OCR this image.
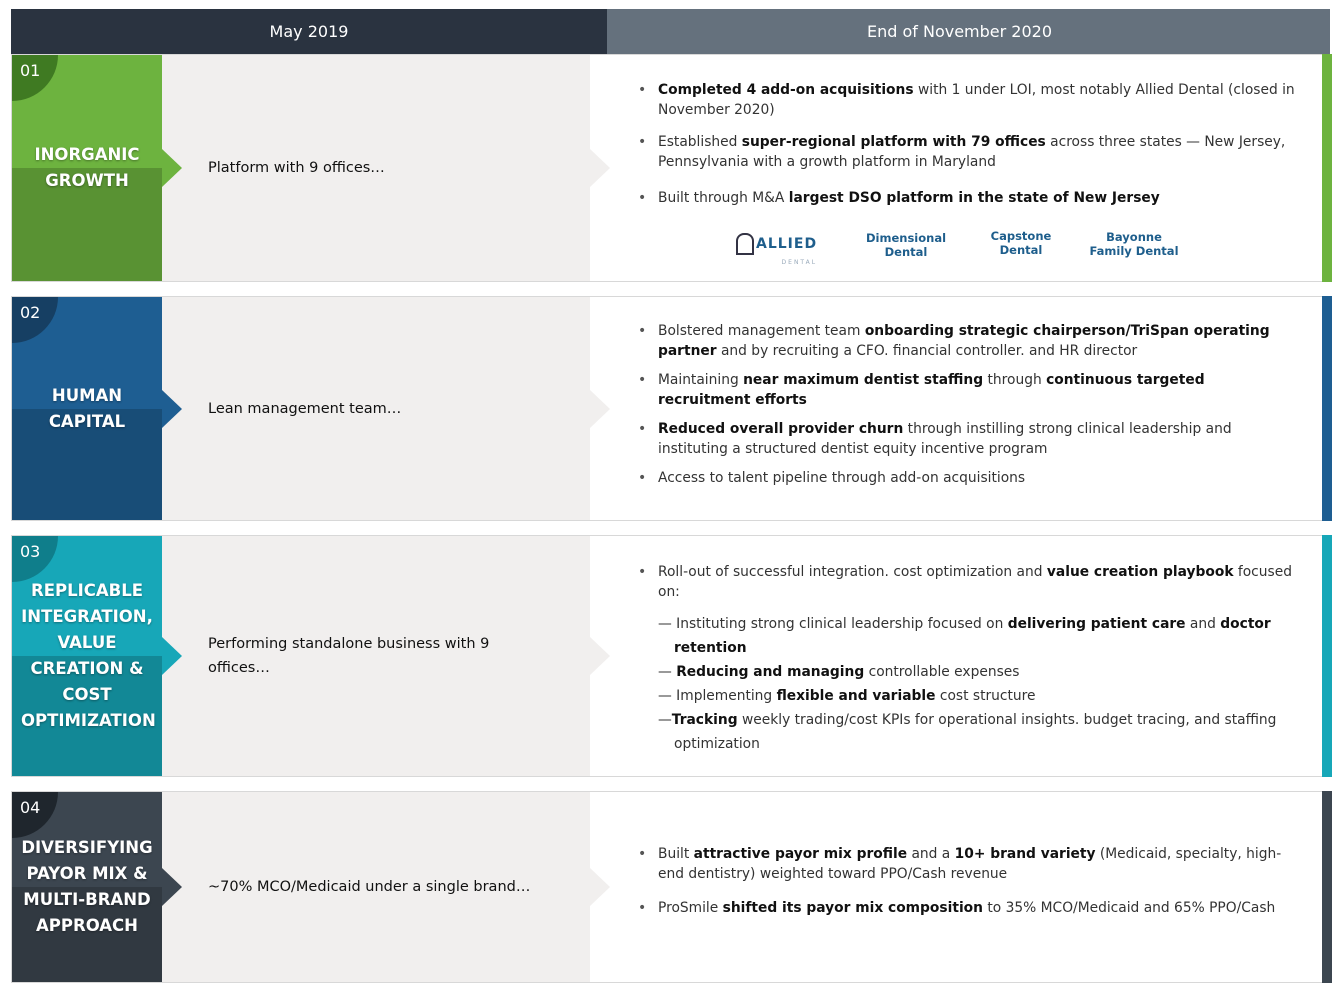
End of November 2020
May 2019
INORGANIC GROWTH
01
Platform with 9 offices…
• Completed 4 add-on acquisitions with 1 under LOI, most notably Allied Dental (closed in November 2020)
• Established super-regional platform with 79 offices across three states — New Jersey, Pennsylvania with a growth platform in Maryland
• Built through M&A largest DSO platform in the state of New Jersey
ALLIED
DENTAL
Dimensional Dental
Capstone Dental
Bayonne Family Dental
HUMAN CAPITAL
02
Lean management team…
• Bolstered management team onboarding strategic chairperson/TriSpan operating partner and by recruiting a CFO. financial controller. and HR director
• Maintaining near maximum dentist staffing through continuous targeted recruitment efforts
• Reduced overall provider churn through instilling strong clinical leadership and instituting a structured dentist equity incentive program
• Access to talent pipeline through add-on acquisitions
REPLICABLE INTEGRATION, VALUE CREATION & COST OPTIMIZATION
03
Performing standalone business with 9 offices…
• Roll-out of successful integration. cost optimization and value creation playbook focused on:
— Instituting strong clinical leadership focused on delivering patient care and doctor retention
— Reducing and managing controllable expenses
— Implementing flexible and variable cost structure
—Tracking weekly trading/cost KPIs for operational insights. budget tracing, and staffing optimization
DIVERSIFYING PAYOR MIX & MULTI-BRAND APPROACH
04
~70% MCO/Medicaid under a single brand…
• Built attractive payor mix profile and a 10+ brand variety (Medicaid, specialty, high-end dentistry) weighted toward PPO/Cash revenue
• ProSmile shifted its payor mix composition to 35% MCO/Medicaid and 65% PPO/Cash
